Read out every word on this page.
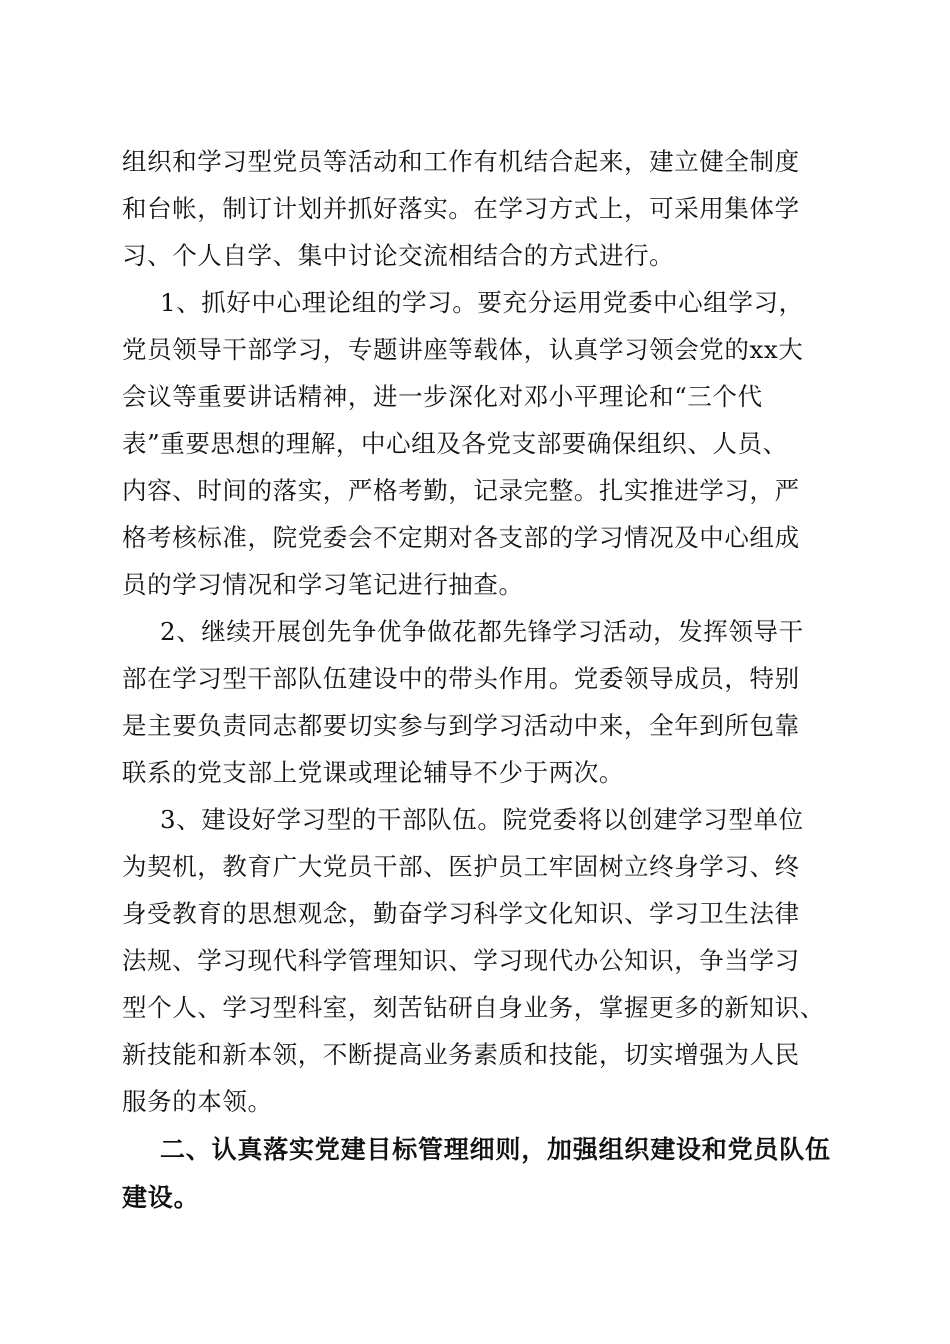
组织和学习型党员等活动和工作有机结合起来，建立健全制度

和台帐，制订计划并抓好落实。在学习方式上，可采用集体学

习、个人自学、集中讨论交流相结合的方式进行。

1、抓好中心理论组的学习。要充分运用党委中心组学习，

党员领导干部学习，专题讲座等载体，认真学习领会党的xx大

会议等重要讲话精神，进一步深化对邓小平理论和“三个代

表”重要思想的理解，中心组及各党支部要确保组织、人员、

内容、时间的落实，严格考勤，记录完整。扎实推进学习，严

格考核标准，院党委会不定期对各支部的学习情况及中心组成

员的学习情况和学习笔记进行抽查。

2、继续开展创先争优争做花都先锋学习活动，发挥领导干

部在学习型干部队伍建设中的带头作用。党委领导成员，特别

是主要负责同志都要切实参与到学习活动中来，全年到所包靠

联系的党支部上党课或理论辅导不少于两次。

3、建设好学习型的干部队伍。院党委将以创建学习型单位

为契机，教育广大党员干部、医护员工牢固树立终身学习、终

身受教育的思想观念，勤奋学习科学文化知识、学习卫生法律

法规、学习现代科学管理知识、学习现代办公知识，争当学习

型个人、学习型科室，刻苦钻研自身业务，掌握更多的新知识、

新技能和新本领，不断提高业务素质和技能，切实增强为人民

服务的本领。

二、认真落实党建目标管理细则，加强组织建设和党员队伍

建设。
